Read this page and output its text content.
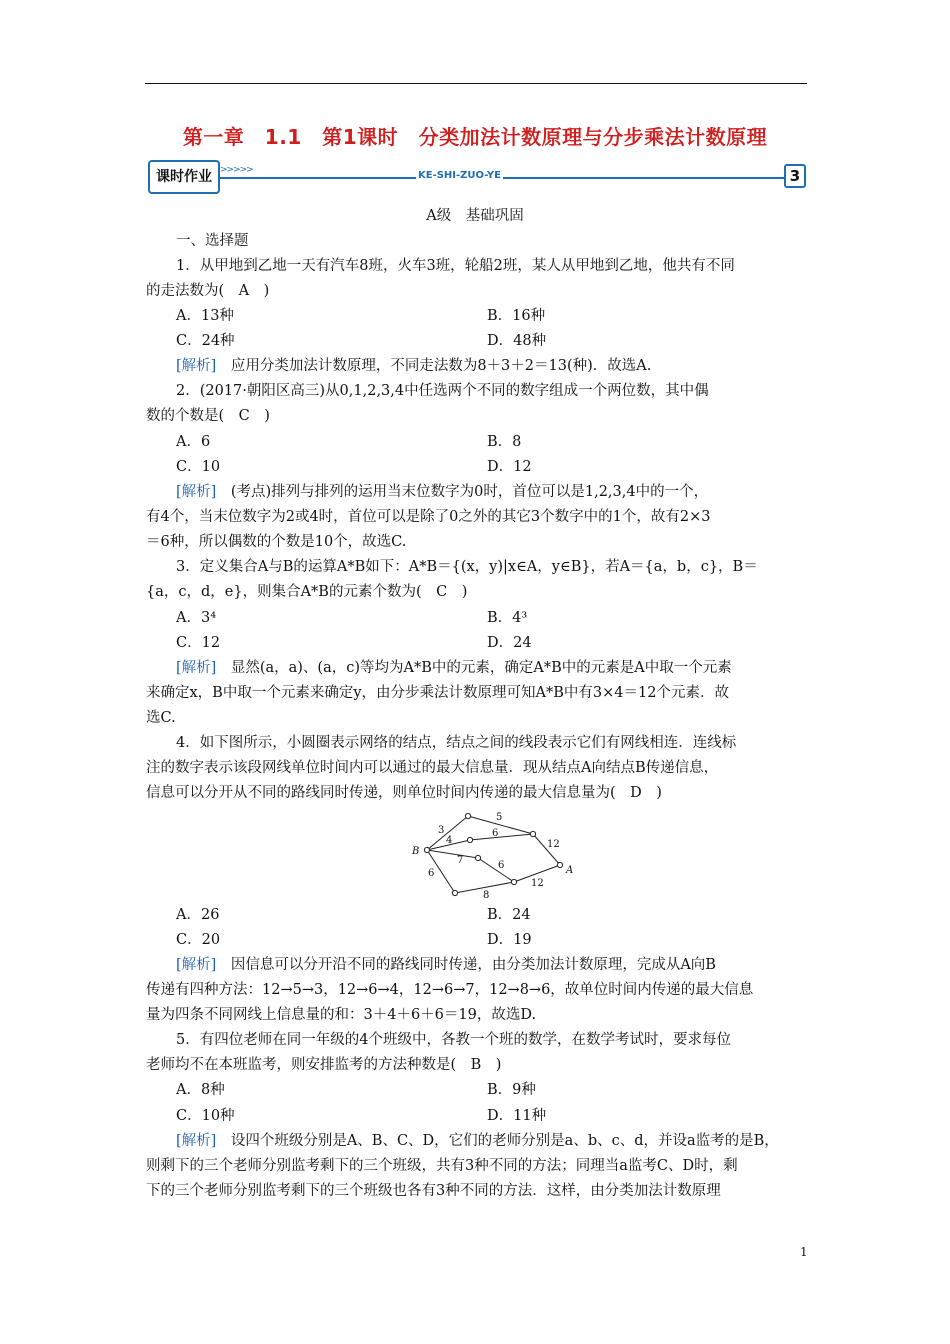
第一章　1.1　第1课时　分类加法计数原理与分步乘法计数原理
课时作业 >>>>>	KE-SHI-ZUO-YE	3
A级　基础巩固
一、选择题
1．从甲地到乙地一天有汽车8班，火车3班，轮船2班，某人从甲地到乙地，他共有不同
的走法数为(　A　)
A．13种	B．16种
C．24种	D．48种
[解析]　应用分类加法计数原理，不同走法数为8＋3＋2＝13(种)．故选A.
2．(2017·朝阳区高三)从0,1,2,3,4中任选两个不同的数字组成一个两位数，其中偶
数的个数是(　C　)
A．6	B．8
C．10	D．12
[解析]　(考点)排列与排列的运用当末位数字为0时，首位可以是1,2,3,4中的一个，
有4个，当末位数字为2或4时，首位可以是除了0之外的其它3个数字中的1个，故有2×3
＝6种，所以偶数的个数是10个，故选C.
3．定义集合A与B的运算A*B如下：A*B＝{(x，y)|x∈A，y∈B}，若A＝{a，b，c}，B＝
{a，c，d，e}，则集合A*B的元素个数为(　C　)
A．3⁴	B．4³
C．12	D．24
[解析]　显然(a，a)、(a，c)等均为A*B中的元素，确定A*B中的元素是A中取一个元素
来确定x，B中取一个元素来确定y，由分步乘法计数原理可知A*B中有3×4＝12个元素．故
选C.
4．如下图所示，小圆圈表示网络的结点，结点之间的线段表示它们有网线相连．连线标
注的数字表示该段网线单位时间内可以通过的最大信息量．现从结点A向结点B传递信息，
信息可以分开从不同的路线同时传递，则单位时间内传递的最大信息量为(　D　)
B
A
3
5
4
6
12
7	6
6
8
12
A．26	B．24
C．20	D．19
[解析]　因信息可以分开沿不同的路线同时传递，由分类加法计数原理，完成从A向B
传递有四种方法：12→5→3，12→6→4，12→6→7，12→8→6，故单位时间内传递的最大信息
量为四条不同网线上信息量的和：3＋4＋6＋6＝19，故选D.
5．有四位老师在同一年级的4个班级中，各教一个班的数学，在数学考试时，要求每位
老师均不在本班监考，则安排监考的方法种数是(　B　)
A．8种	B．9种
C．10种	D．11种
[解析]　设四个班级分别是A、B、C、D，它们的老师分别是a、b、c、d，并设a监考的是B，
则剩下的三个老师分别监考剩下的三个班级，共有3种不同的方法；同理当a监考C、D时，剩
下的三个老师分别监考剩下的三个班级也各有3种不同的方法．这样，由分类加法计数原理
1
